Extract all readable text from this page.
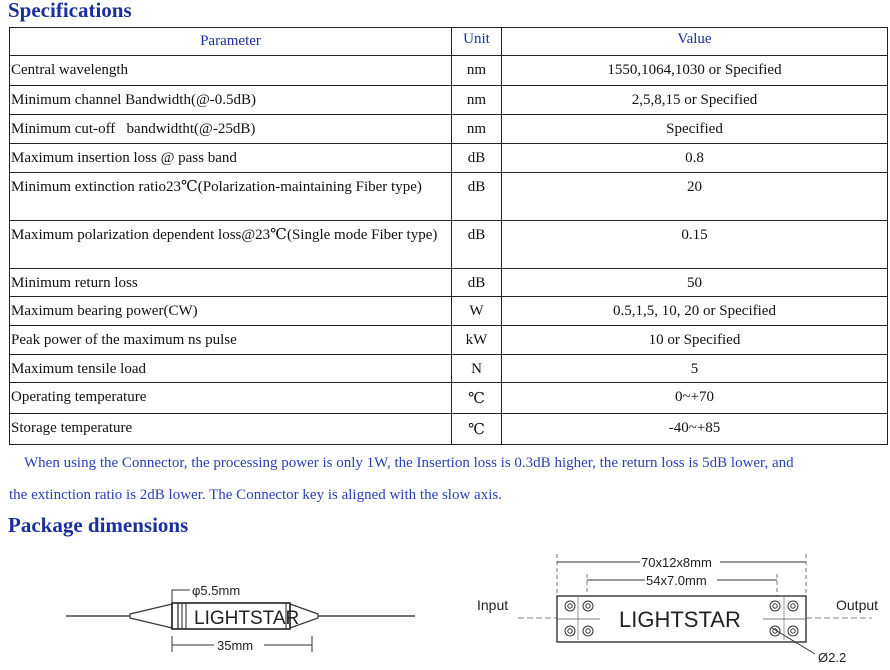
Specifications
Parameter	Unit	Value
Central wavelength	nm	1550,1064,1030 or Specified
Minimum channel Bandwidth(@-0.5dB)	nm	2,5,8,15 or Specified
Minimum cut-off   bandwidtht(@-25dB)	nm	Specified
Maximum insertion loss @ pass band	dB	0.8
Minimum extinction ratio23℃(Polarization-maintaining Fiber type)	dB	20
Maximum polarization dependent loss@23℃(Single mode Fiber type)	dB	0.15
Minimum return loss	dB	50
Maximum bearing power(CW)	W	0.5,1,5, 10, 20 or Specified
Peak power of the maximum ns pulse	kW	10 or Specified
Maximum tensile load	N	5
Operating temperature	℃	0~+70
Storage temperature	℃	-40~+85
When using the Connector, the processing power is only 1W, the Insertion loss is 0.3dB higher, the return loss is 5dB lower, and
the extinction ratio is 2dB lower. The Connector key is aligned with the slow axis.
Package dimensions
LIGHTSTAR
φ5.5mm
35mm
Input	Output
70x12x8mm
54x7.0mm
LIGHTSTAR
Ø2.2
